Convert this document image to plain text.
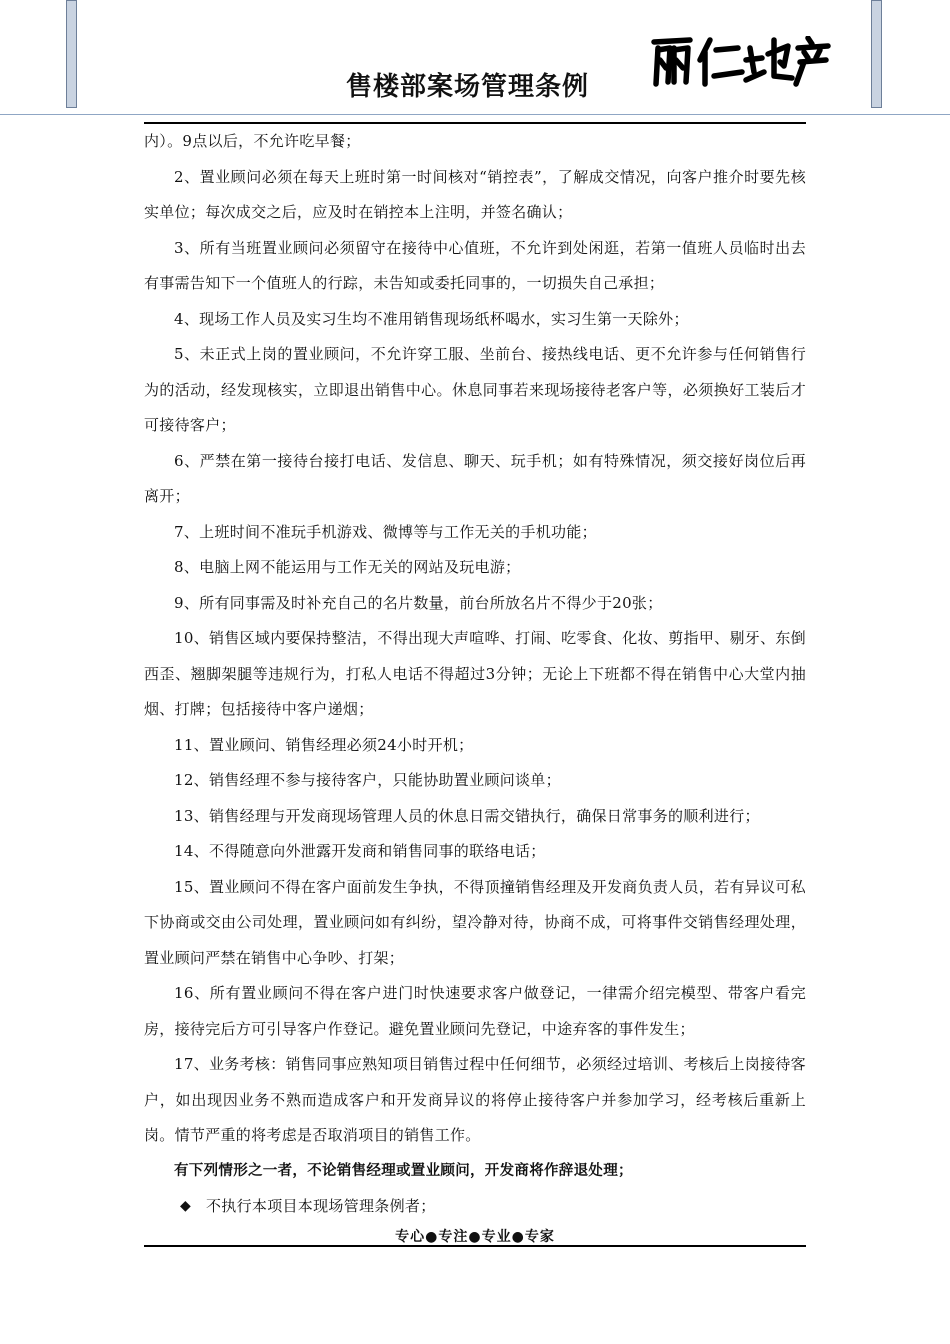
售楼部案场管理条例

内）。9点以后，不允许吃早餐；

2、置业顾问必须在每天上班时第一时间核对“销控表”，了解成交情况，向客户推介时要先核实单位；每次成交之后，应及时在销控本上注明，并签名确认；

3、所有当班置业顾问必须留守在接待中心值班，不允许到处闲逛，若第一值班人员临时出去有事需告知下一个值班人的行踪，未告知或委托同事的，一切损失自己承担；

4、现场工作人员及实习生均不准用销售现场纸杯喝水，实习生第一天除外；

5、未正式上岗的置业顾问，不允许穿工服、坐前台、接热线电话、更不允许参与任何销售行为的活动，经发现核实，立即退出销售中心。休息同事若来现场接待老客户等，必须换好工装后才可接待客户；

6、严禁在第一接待台接打电话、发信息、聊天、玩手机；如有特殊情况，须交接好岗位后再离开；

7、上班时间不准玩手机游戏、微博等与工作无关的手机功能；

8、电脑上网不能运用与工作无关的网站及玩电游；

9、所有同事需及时补充自己的名片数量，前台所放名片不得少于20张；

10、销售区域内要保持整洁，不得出现大声喧哗、打闹、吃零食、化妆、剪指甲、剔牙、东倒西歪、翘脚架腿等违规行为，打私人电话不得超过3分钟；无论上下班都不得在销售中心大堂内抽烟、打牌；包括接待中客户递烟；

11、置业顾问、销售经理必须24小时开机；

12、销售经理不参与接待客户，只能协助置业顾问谈单；

13、销售经理与开发商现场管理人员的休息日需交错执行，确保日常事务的顺利进行；

14、不得随意向外泄露开发商和销售同事的联络电话；

15、置业顾问不得在客户面前发生争执，不得顶撞销售经理及开发商负责人员，若有异议可私下协商或交由公司处理，置业顾问如有纠纷，望冷静对待，协商不成，可将事件交销售经理处理，置业顾问严禁在销售中心争吵、打架；

16、所有置业顾问不得在客户进门时快速要求客户做登记，一律需介绍完模型、带客户看完房，接待完后方可引导客户作登记。避免置业顾问先登记，中途弃客的事件发生；

17、业务考核：销售同事应熟知项目销售过程中任何细节，必须经过培训、考核后上岗接待客户，如出现因业务不熟而造成客户和开发商异议的将停止接待客户并参加学习，经考核后重新上岗。情节严重的将考虑是否取消项目的销售工作。

有下列情形之一者，不论销售经理或置业顾问，开发商将作辞退处理；

◆ 不执行本项目本现场管理条例者；

专心●专注●专业●专家
